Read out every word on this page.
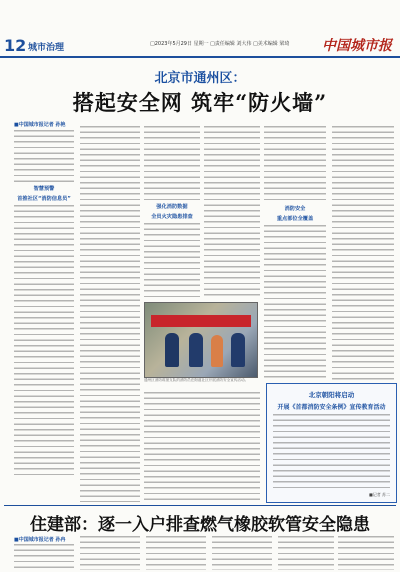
12 城市治理	□2023年5月29日 星期一 □责任编辑 刘大伟 □美术编辑 梁琦 中国城市报
北京市通州区：
搭起安全网 筑牢“防火墙”
■中国城市报记者 孙艳
智慧预警
首推社区“消防信息员”
强化消防数据
全员火灾隐患排查
消防安全
重点部位全覆盖
通州区消防救援支队的消防员在街道社区开展消防安全宣传活动。
北京朝阳将启动
开展《首都消防安全条例》宣传教育活动
■记者 苏二
住建部：逐一入户排查燃气橡胶软管安全隐患
■中国城市报记者 孙冉
